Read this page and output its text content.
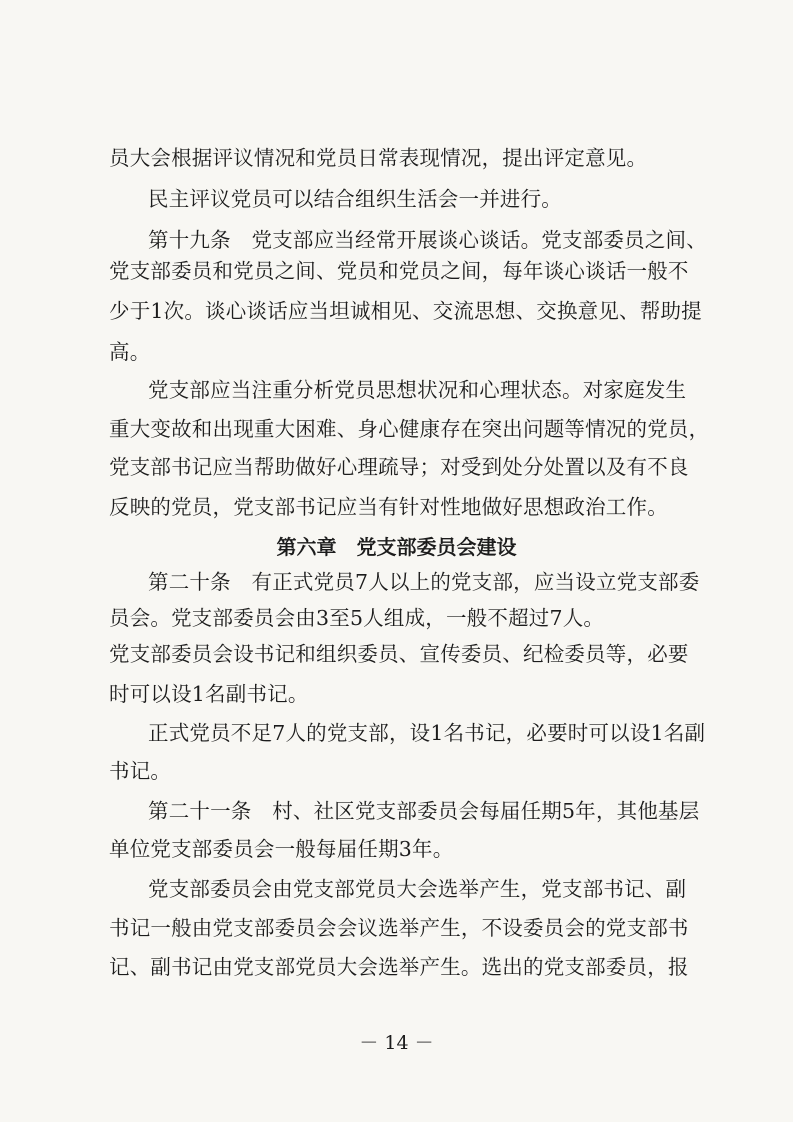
员大会根据评议情况和党员日常表现情况，提出评定意见。
民主评议党员可以结合组织生活会一并进行。
第十九条　党支部应当经常开展谈心谈话。党支部委员之间、
党支部委员和党员之间、党员和党员之间，每年谈心谈话一般不
少于1次。谈心谈话应当坦诚相见、交流思想、交换意见、帮助提
高。
党支部应当注重分析党员思想状况和心理状态。对家庭发生
重大变故和出现重大困难、身心健康存在突出问题等情况的党员，
党支部书记应当帮助做好心理疏导；对受到处分处置以及有不良
反映的党员，党支部书记应当有针对性地做好思想政治工作。
第六章　党支部委员会建设
第二十条　有正式党员7人以上的党支部，应当设立党支部委
员会。党支部委员会由3至5人组成，一般不超过7人。
党支部委员会设书记和组织委员、宣传委员、纪检委员等，必要
时可以设1名副书记。
正式党员不足7人的党支部，设1名书记，必要时可以设1名副
书记。
第二十一条　村、社区党支部委员会每届任期5年，其他基层
单位党支部委员会一般每届任期3年。
党支部委员会由党支部党员大会选举产生，党支部书记、副
书记一般由党支部委员会会议选举产生，不设委员会的党支部书
记、副书记由党支部党员大会选举产生。选出的党支部委员，报
－ 14 －
